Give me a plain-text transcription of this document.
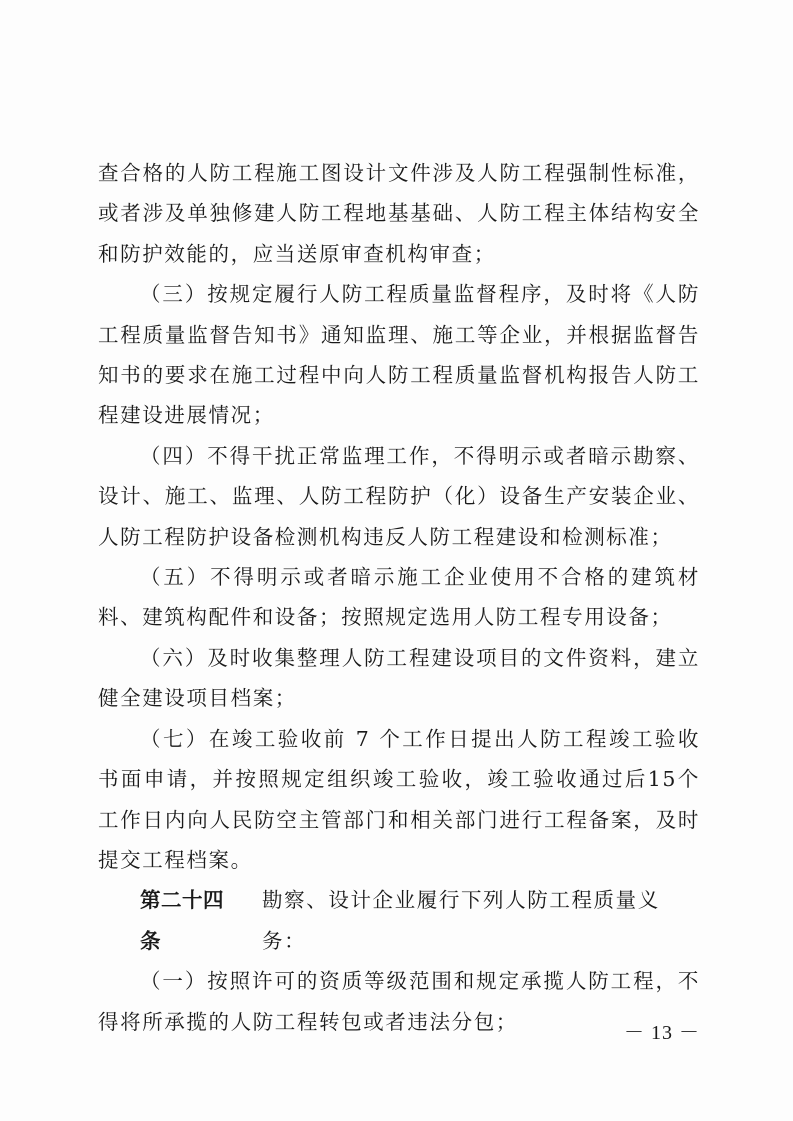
查合格的人防工程施工图设计文件涉及人防工程强制性标准，或者涉及单独修建人防工程地基基础、人防工程主体结构安全和防护效能的，应当送原审查机构审查；

（三）按规定履行人防工程质量监督程序，及时将《人防工程质量监督告知书》通知监理、施工等企业，并根据监督告知书的要求在施工过程中向人防工程质量监督机构报告人防工程建设进展情况；

（四）不得干扰正常监理工作，不得明示或者暗示勘察、设计、施工、监理、人防工程防护（化）设备生产安装企业、人防工程防护设备检测机构违反人防工程建设和检测标准；

（五）不得明示或者暗示施工企业使用不合格的建筑材料、建筑构配件和设备；按照规定选用人防工程专用设备；

（六）及时收集整理人防工程建设项目的文件资料，建立健全建设项目档案；

（七）在竣工验收前 7 个工作日提出人防工程竣工验收书面申请，并按照规定组织竣工验收，竣工验收通过后15个工作日内向人民防空主管部门和相关部门进行工程备案，及时提交工程档案。

第二十四条
勘察、设计企业履行下列人防工程质量义务：

（一）按照许可的资质等级范围和规定承揽人防工程，不得将所承揽的人防工程转包或者违法分包；	－ 13 －
